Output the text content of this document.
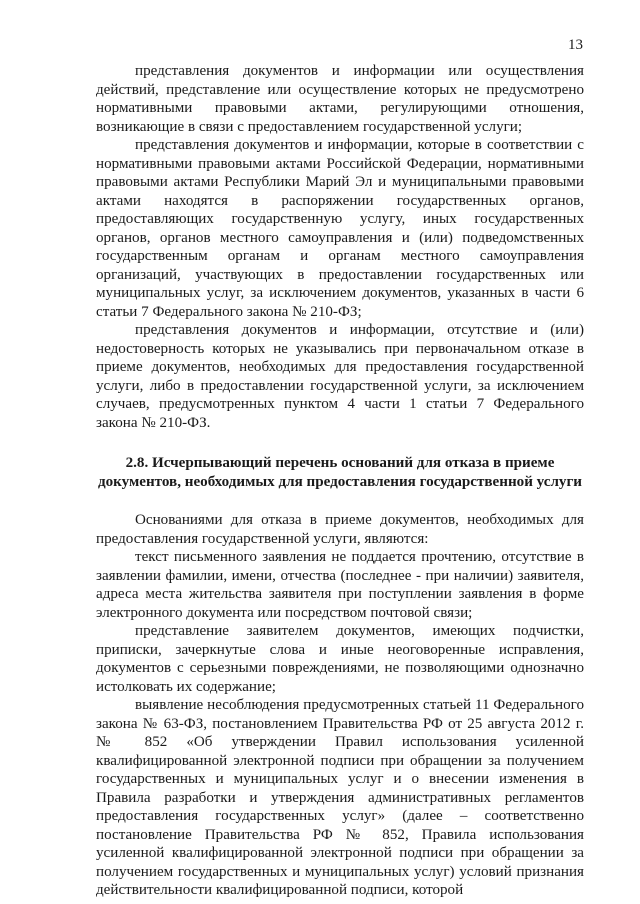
13

представления документов и информации или осуществления действий, представление или осуществление которых не предусмотрено нормативными правовыми актами, регулирующими отношения, возникающие в связи с предоставлением государственной услуги;

представления документов и информации, которые в соответствии с нормативными правовыми актами Российской Федерации, нормативными правовыми актами Республики Марий Эл и муниципальными правовыми актами находятся в распоряжении государственных органов, предоставляющих государственную услугу, иных государственных органов, органов местного самоуправления и (или) подведомственных государственным органам и органам местного самоуправления организаций, участвующих в предоставлении государственных или муниципальных услуг, за исключением документов, указанных в части 6 статьи 7 Федерального закона № 210-ФЗ;

представления документов и информации, отсутствие и (или) недостоверность которых не указывались при первоначальном отказе в приеме документов, необходимых для предоставления государственной услуги, либо в предоставлении государственной услуги, за исключением случаев, предусмотренных пунктом 4 части 1 статьи 7 Федерального закона № 210-ФЗ.

2.8. Исчерпывающий перечень оснований для отказа в приеме
документов, необходимых для предоставления государственной услуги

Основаниями для отказа в приеме документов, необходимых для предоставления государственной услуги, являются:

текст письменного заявления не поддается прочтению, отсутствие в заявлении фамилии, имени, отчества (последнее - при наличии) заявителя, адреса места жительства заявителя при поступлении заявления в форме электронного документа или посредством почтовой связи;

представление заявителем документов, имеющих подчистки, приписки, зачеркнутые слова и иные неоговоренные исправления, документов с серьезными повреждениями, не позволяющими однозначно истолковать их содержание;

выявление несоблюдения предусмотренных статьей 11 Федерального закона № 63-ФЗ, постановлением Правительства РФ от 25 августа 2012 г. № 852 «Об утверждении Правил использования усиленной квалифицированной электронной подписи при обращении за получением государственных и муниципальных услуг и о внесении изменения в Правила разработки и утверждения административных регламентов предоставления государственных услуг» (далее – соответственно постановление Правительства РФ № 852, Правила использования усиленной квалифицированной электронной подписи при обращении за получением государственных и муниципальных услуг) условий признания действительности квалифицированной подписи, которой
